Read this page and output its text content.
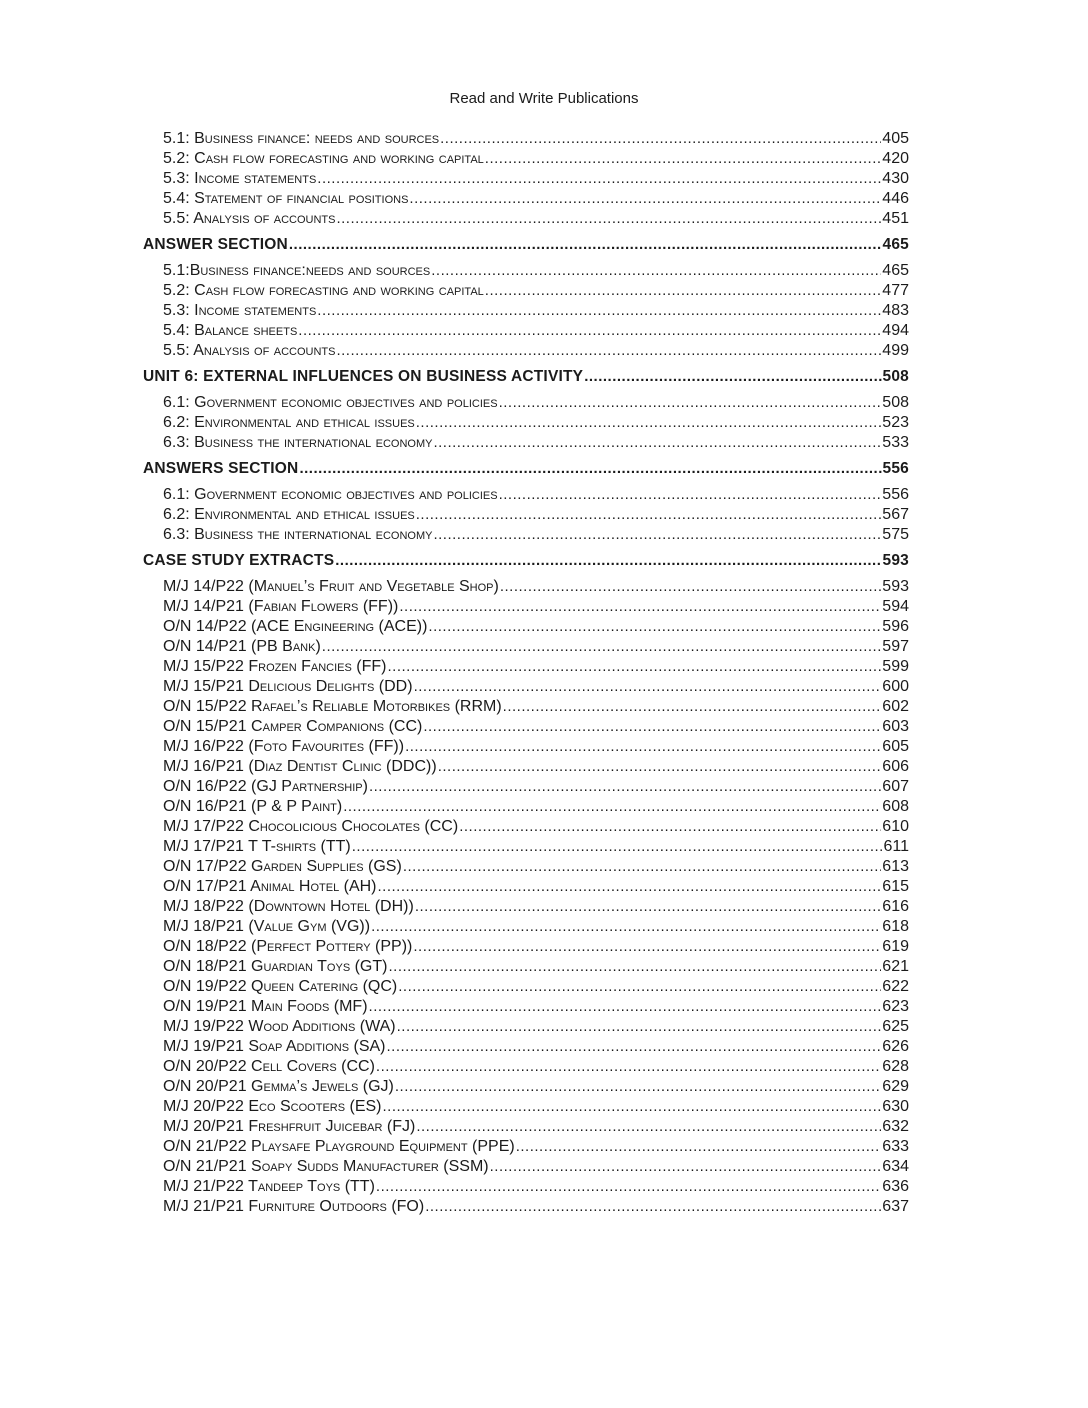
Read and Write Publications
5.1: Business finance: needs and sources .....	405
5.2: Cash flow forecasting and working capital .....	420
5.3: Income statements .....	430
5.4: Statement of financial positions .....	446
5.5: Analysis of accounts .....	451
ANSWER SECTION .....	465
5.1:Business finance:needs and sources .....	465
5.2: Cash flow forecasting and working capital .....	477
5.3: Income statements .....	483
5.4: Balance sheets .....	494
5.5: Analysis of accounts .....	499
UNIT 6: EXTERNAL INFLUENCES ON BUSINESS ACTIVITY .....	508
6.1: Government economic objectives and policies .....	508
6.2: Environmental and ethical issues .....	523
6.3: Business the international economy .....	533
ANSWERS SECTION .....	556
6.1: Government economic objectives and policies .....	556
6.2: Environmental and ethical issues .....	567
6.3: Business the international economy .....	575
CASE STUDY EXTRACTS .....	593
M/J 14/P22 (Manuel’s Fruit and Vegetable Shop) .....	593
M/J 14/P21 (Fabian Flowers (FF)) .....	594
O/N 14/P22 (ACE Engineering (ACE)) .....	596
O/N 14/P21 (PB Bank) .....	597
M/J 15/P22 Frozen Fancies (FF) .....	599
M/J 15/P21 Delicious Delights (DD) .....	600
O/N 15/P22 Rafael’s Reliable Motorbikes (RRM) .....	602
O/N 15/P21 Camper Companions (CC) .....	603
M/J 16/P22 (Foto Favourites (FF)) .....	605
M/J 16/P21 (Diaz Dentist Clinic (DDC)) .....	606
O/N 16/P22 (GJ Partnership) .....	607
O/N 16/P21 (P & P Paint) .....	608
M/J 17/P22 Chocolicious Chocolates (CC) .....	610
M/J 17/P21 T T-shirts (TT) .....	611
O/N 17/P22 Garden Supplies (GS) .....	613
O/N 17/P21 Animal Hotel (AH) .....	615
M/J 18/P22 (Downtown Hotel (DH)) .....	616
M/J 18/P21 (Value Gym (VG)) .....	618
O/N 18/P22 (Perfect Pottery (PP)) .....	619
O/N 18/P21 Guardian Toys (GT) .....	621
O/N 19/P22 Queen Catering (QC) .....	622
O/N 19/P21 Main Foods (MF) .....	623
M/J 19/P22 Wood Additions (WA) .....	625
M/J 19/P21 Soap Additions (SA) .....	626
O/N 20/P22 Cell Covers (CC) .....	628
O/N 20/P21 Gemma’s Jewels (GJ) .....	629
M/J 20/P22 Eco Scooters (ES) .....	630
M/J 20/P21 Freshfruit Juicebar (FJ) .....	632
O/N 21/P22 Playsafe Playground Equipment (PPE) .....	633
O/N 21/P21 Soapy Sudds Manufacturer (SSM) .....	634
M/J 21/P22 Tandeep Toys (TT) .....	636
M/J 21/P21 Furniture Outdoors (FO) .....	637
